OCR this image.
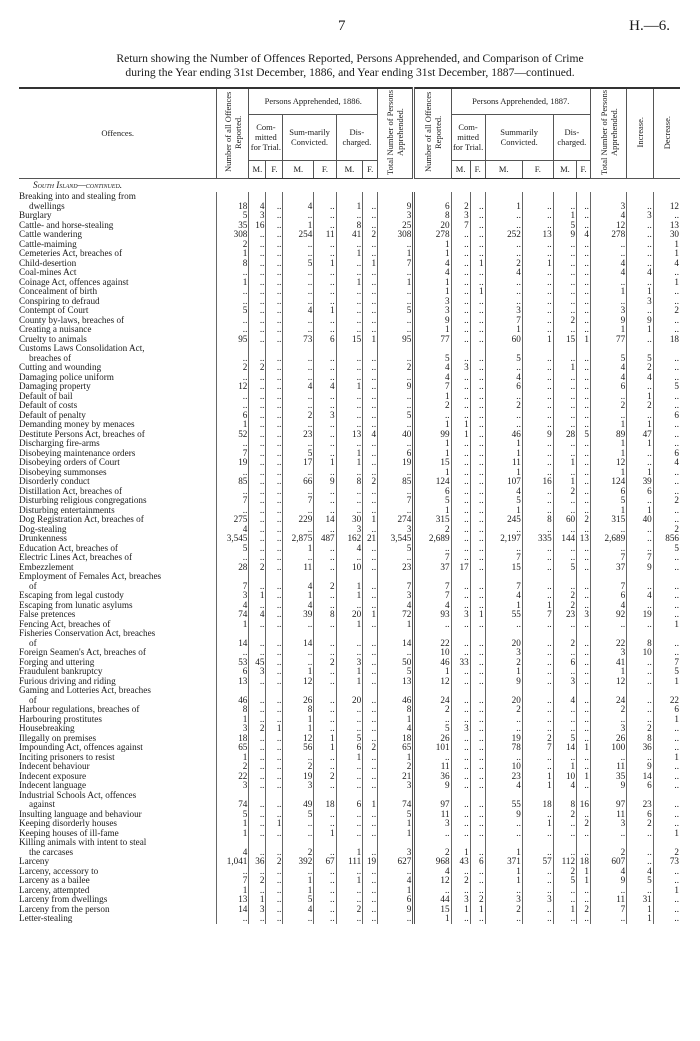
7	H.—6.
Return showing the Number of Offences Reported, Persons Apprehended, and Comparison of Crime
during the Year ending 31st December, 1886, and Year ending 31st December, 1887—continued.
Offences.	Number of all Offences Reported.	Persons Apprehended, 1886.						Total Number of Persons Apprehended.	Number of all Offences Reported.	Persons Apprehended, 1887.						Total Number of Persons Apprehended.	Increase.	Decrease.
		Com-mitted for Trial.		Sum-marily Convicted.		Dis-charged.				Com-mitted for Trial.		Summarily Convicted.		Dis-charged.				
		M.	F.	M.	F.	M.	F.			M.	F.	M.	F.	M.	F.			
South Island—continued.																		
Breaking into and stealing from																		
dwellings	18	4	..	4	..	1	..	9	6	2	..	1	..	..	..	3	..	12
Burglary	5	3	..	..	..	..	..	3	8	3	..	..	..	1	..	4	3	..
Cattle- and horse-stealing	35	16	..	1	..	8	..	25	20	7	..	..	..	5	..	12	..	13
Cattle wandering	308	..	..	254	11	41	2	308	278	..	..	252	13	9	4	278	..	30
Cattle-maiming	2	..	..	..	..	..	..	..	1	..	..	..	..	..	..	..	..	1
Cemeteries Act, breaches of	1	..	..	..	..	1	..	1	1	..	..	..	..	..	..	..	..	1
Child-desertion	8	..	..	5	1	..	1	7	4	..	1	2	1	..	..	4	..	4
Coal-mines Act	..	..	..	..	..	..	..	..	4	..	..	4	..	..	..	4	4	..
Coinage Act, offences against	1	..	..	..	..	1	..	1	1	..	..	..	..	..	..	..	..	1
Concealment of birth	..	..	..	..	..	..	..	..	1	..	1	..	..	..	..	1	1	..
Conspiring to defraud	..	..	..	..	..	..	..	..	3	..	..	..	..	..	..	..	3	..
Contempt of Court	5	..	..	4	1	..	..	5	3	..	..	3	..	..	..	3	..	2
County by-laws, breaches of	..	..	..	..	..	..	..	..	9	..	..	7	..	2	..	9	9	..
Creating a nuisance	..	..	..	..	..	..	..	..	1	..	..	1	..	..	..	1	1	..
Cruelty to animals	95	..	..	73	6	15	1	95	77	..	..	60	1	15	1	77	..	18
Customs Laws Consolidation Act,																		
breaches of	..	..	..	..	..	..	..	..	5	..	..	5	..	..	..	5	5	..
Cutting and wounding	2	2	..	..	..	..	..	2	4	3	..	..	..	1	..	4	2	..
Damaging police uniform	..	..	..	..	..	..	..	..	4	..	..	4	..	..	..	4	4	..
Damaging property	12	..	..	4	4	1	..	9	7	..	..	6	..	..	..	6	..	5
Default of bail	..	..	..	..	..	..	..	..	1	..	..	..	..	..	..	..	1	..
Default of costs	..	..	..	..	..	..	..	..	2	..	..	2	..	..	..	2	2	..
Default of penalty	6	..	..	2	3	..	..	5	..	..	..	..	..	..	..	..	..	6
Demanding money by menaces	1	..	..	..	..	..	..	..	1	1	..	..	..	..	..	1	1	..
Destitute Persons Act, breaches of	52	..	..	23	..	13	4	40	99	1	..	46	9	28	5	89	47	..
Discharging fire-arms	..	..	..	..	..	..	..	..	1	..	..	1	..	..	..	1	1	..
Disobeying maintenance orders	7	..	..	5	..	1	..	6	1	..	..	1	..	..	..	1	..	6
Disobeying orders of Court	19	..	..	17	1	1	..	19	15	..	..	11	..	1	..	12	..	4
Disobeying summonses	..	..	..	..	..	..	..	..	1	..	..	1	..	..	..	1	1	..
Disorderly conduct	85	..	..	66	9	8	2	85	124	..	..	107	16	1	..	124	39	..
Distillation Act, breaches of	..	..	..	..	..	..	..	..	6	..	..	4	..	2	..	6	6	..
Disturbing religious congregations	7	..	..	7	..	..	..	7	5	..	..	5	..	..	..	5	..	2
Disturbing entertainments	..	..	..	..	..	..	..	..	1	..	..	1	..	..	..	1	1	..
Dog Registration Act, breaches of	275	..	..	229	14	30	1	274	315	..	..	245	8	60	2	315	40	..
Dog-stealing	4	..	..	..	..	3	..	3	2	..	..	..	..	..	..	..	..	2
Drunkenness	3,545	..	..	2,875	487	162	21	3,545	2,689	..	..	2,197	335	144	13	2,689	..	856
Education Act, breaches of	5	..	..	1	..	4	..	5	..	..	..	..	..	..	..	..	..	5
Electric Lines Act, breaches of	..	..	..	..	..	..	..	..	7	..	..	7	..	..	..	7	7	..
Embezzlement	28	2	..	11	..	10	..	23	37	17	..	15	..	5	..	37	9	..
Employment of Females Act, breaches																		
of	7	..	..	4	2	1	..	7	7	..	..	7	..	..	..	7	..	..
Escaping from legal custody	3	1	..	1	..	1	..	3	7	..	..	4	..	2	..	6	4	..
Escaping from lunatic asylums	4	..	..	4	..	..	..	4	4	..	..	1	1	2	..	4	..	..
False pretences	74	4	..	39	8	20	1	72	93	3	1	55	7	23	3	92	19	..
Fencing Act, breaches of	1	..	..	..	..	1	..	1	..	..	..	..	..	..	..	..	..	1
Fisheries Conservation Act, breaches																		
of	14	..	..	14	..	..	..	14	22	..	..	20	..	2	..	22	8	..
Foreign Seamen's Act, breaches of	..	..	..	..	..	..	..	..	10	..	..	3	..	..	..	3	10	..
Forging and uttering	53	45	..	..	2	3	..	50	46	33	..	2	..	6	..	41	..	7
Fraudulent bankruptcy	6	3	..	1	..	1	..	5	1	..	..	1	..	..	..	1	..	5
Furious driving and riding	13	..	..	12	..	1	..	13	12	..	..	9	..	3	..	12	..	1
Gaming and Lotteries Act, breaches																		
of	46	..	..	26	..	20	..	46	24	..	..	20	..	4	..	24	..	22
Harbour regulations, breaches of	8	..	..	8	..	..	..	8	2	..	..	2	..	..	..	2	..	6
Harbouring prostitutes	1	..	..	1	..	..	..	1	..	..	..	..	..	..	..	..	..	1
Housebreaking	3	2	1	1	..	..	..	4	5	3	..	..	..	..	..	3	2	..
Illegally on premises	18	..	..	12	1	5	..	18	26	..	..	19	2	5	..	26	8	..
Impounding Act, offences against	65	..	..	56	1	6	2	65	101	..	..	78	7	14	1	100	36	..
Inciting prisoners to resist	1	..	..	..	..	1	..	1	..	..	..	..	..	..	..	..	..	1
Indecent behaviour	2	..	..	2	..	..	..	2	11	..	..	10	..	1	..	11	9	..
Indecent exposure	22	..	..	19	2	..	..	21	36	..	..	23	1	10	1	35	14	..
Indecent language	3	..	..	3	..	..	..	3	9	..	..	4	1	4	..	9	6	..
Industrial Schools Act, offences																		
against	74	..	..	49	18	6	1	74	97	..	..	55	18	8	16	97	23	..
Insulting language and behaviour	5	..	..	5	..	..	..	5	11	..	..	9	..	2	..	11	6	..
Keeping disorderly houses	1	..	1	..	..	..	..	1	3	..	..	..	1	..	2	3	2	..
Keeping houses of ill-fame	1	..	..	..	1	..	..	1	..	..	..	..	..	..	..	..	..	1
Killing animals with intent to steal																		
the carcases	4	..	..	2	..	1	..	3	2	1	..	1	..	..	..	2	..	2
Larceny	1,041	36	2	392	67	111	19	627	968	43	6	371	57	112	18	607	..	73
Larceny, accessory to	..	..	..	..	..	..	..	..	4	..	..	1	..	2	1	4	4	..
Larceny as a bailee	7	2	..	1	..	1	..	4	12	2	..	1	..	5	1	9	5	..
Larceny, attempted	1	..	..	1	..	..	..	1	..	..	..	..	..	..	..	..	..	1
Larceny from dwellings	13	1	..	5	..	..	..	6	44	3	2	3	3	..	..	11	31	..
Larceny from the person	14	3	..	4	..	2	..	9	15	1	1	2	..	1	2	7	1	..
Letter-stealing	..	..	..	..	..	..	..	..	1	..	..	..	..	..	..	..	1	..
